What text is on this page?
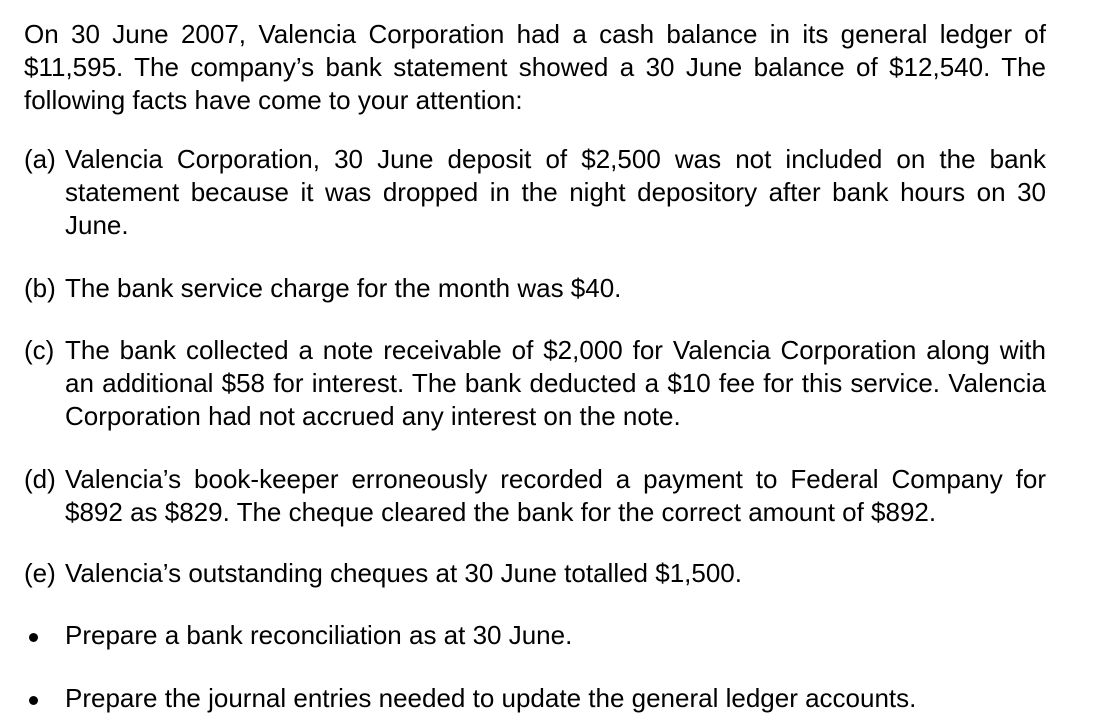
On 30 June 2007, Valencia Corporation had a cash balance in its general ledger of $11,595. The company’s bank statement showed a 30 June balance of $12,540. The following facts have come to your attention:

(a) Valencia Corporation, 30 June deposit of $2,500 was not included on the bank statement because it was dropped in the night depository after bank hours on 30 June.
(b) The bank service charge for the month was $40.
(c) The bank collected a note receivable of $2,000 for Valencia Corporation along with an additional $58 for interest. The bank deducted a $10 fee for this service. Valencia Corporation had not accrued any interest on the note.
(d) Valencia’s book-keeper erroneously recorded a payment to Federal Company for $892 as $829. The cheque cleared the bank for the correct amount of $892.
(e) Valencia’s outstanding cheques at 30 June totalled $1,500.
Prepare a bank reconciliation as at 30 June.
Prepare the journal entries needed to update the general ledger accounts.
